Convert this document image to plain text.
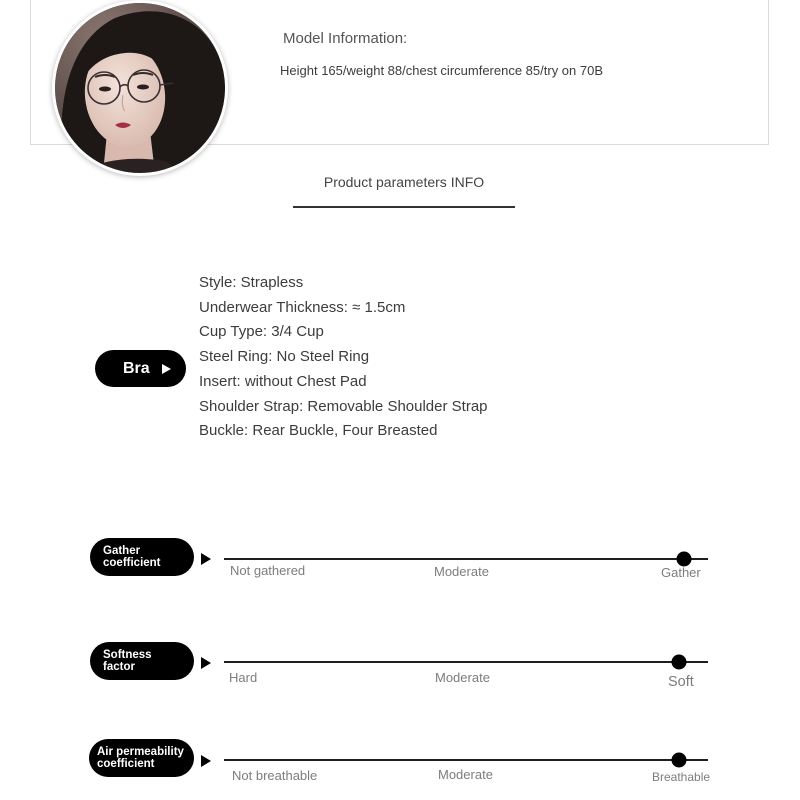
Model Information:
Height 165/weight 88/chest circumference 85/try on 70B
Product parameters INFO
Bra
Style: Strapless
Underwear Thickness: ≈ 1.5cm
Cup Type: 3/4 Cup
Steel Ring: No Steel Ring
Insert: without Chest Pad
Shoulder Strap: Removable Shoulder Strap
Buckle: Rear Buckle, Four Breasted
Gather
coefficient	Not gathered	Moderate	Gather
Softness
factor
Hard	Moderate	Soft
Air permeability
coefficient
Not breathable	Moderate	Breathable
